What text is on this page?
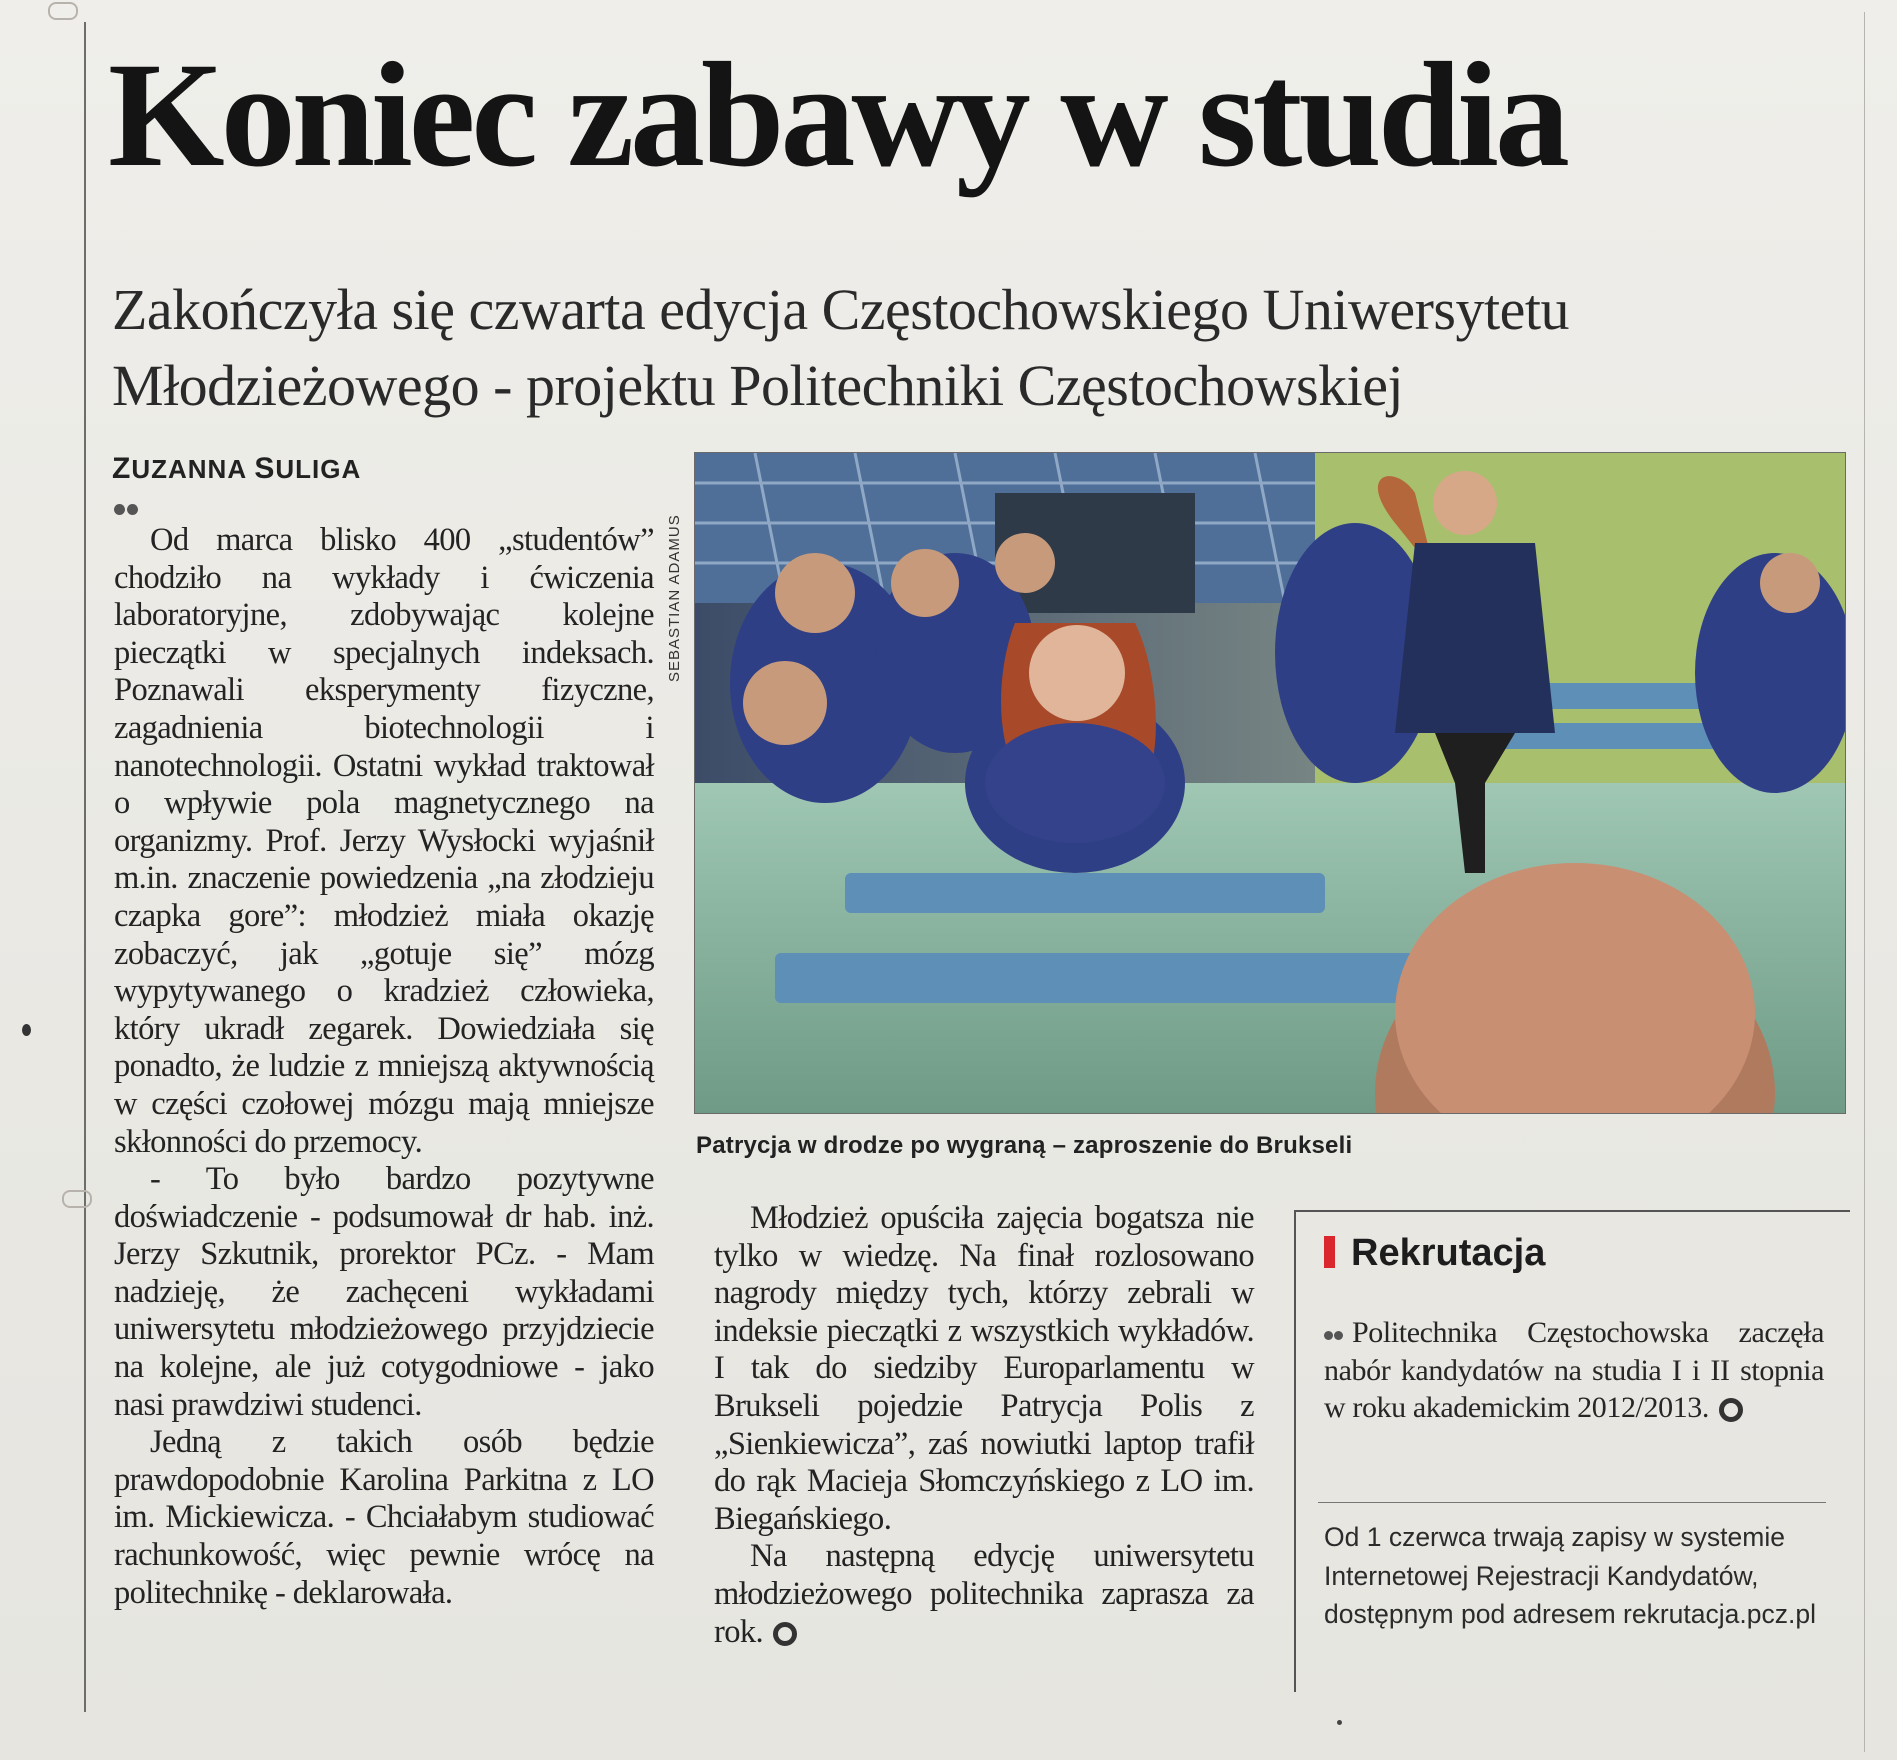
Koniec zabawy w studia
Zakończyła się czwarta edycja Częstochowskiego Uniwersytetu Młodzieżowego - projektu Politechniki Częstochowskiej
ZUZANNA SULIGA

Od marca blisko 400 „studentów” chodziło na wykłady i ćwiczenia laboratoryjne, zdobywając kolejne pieczątki w specjalnych indeksach. Poznawali eksperymenty fizyczne, zagadnienia biotechnologii i nanotechnologii. Ostatni wykład traktował o wpływie pola magnetycznego na organizmy. Prof. Jerzy Wysłocki wyjaśnił m.in. znaczenie powiedzenia „na złodzieju czapka gore”: młodzież miała okazję zobaczyć, jak „gotuje się” mózg wypytywanego o kradzież człowieka, który ukradł zegarek. Dowiedziała się ponadto, że ludzie z mniejszą aktywnością w części czołowej mózgu mają mniejsze skłonności do przemocy.

- To było bardzo pozytywne doświadczenie - podsumował dr hab. inż. Jerzy Szkutnik, prorektor PCz. - Mam nadzieję, że zachęceni wykładami uniwersytetu młodzieżowego przyjdziecie na kolejne, ale już cotygodniowe - jako nasi prawdziwi studenci.

Jedną z takich osób będzie prawdopodobnie Karolina Parkitna z LO im. Mickiewicza. - Chciałabym studiować rachunkowość, więc pewnie wrócę na politechnikę - deklarowała.

SEBASTIAN ADAMUS
Patrycja w drodze po wygraną – zaproszenie do Brukseli

Młodzież opuściła zajęcia bogatsza nie tylko w wiedzę. Na finał rozlosowano nagrody między tych, którzy zebrali w indeksie pieczątki z wszystkich wykładów. I tak do siedziby Europarlamentu w Brukseli pojedzie Patrycja Polis z „Sienkiewicza”, zaś nowiutki laptop trafił do rąk Macieja Słomczyńskiego z LO im. Biegańskiego.

Na następną edycję uniwersytetu młodzieżowego politechnika zaprasza za rok.

Rekrutacja
Politechnika Częstochowska zaczęła nabór kandydatów na studia I i II stopnia w roku akademickim 2012/2013.
Od 1 czerwca trwają zapisy w systemie Internetowej Rejestracji Kandydatów, dostępnym pod adresem rekrutacja.pcz.pl
